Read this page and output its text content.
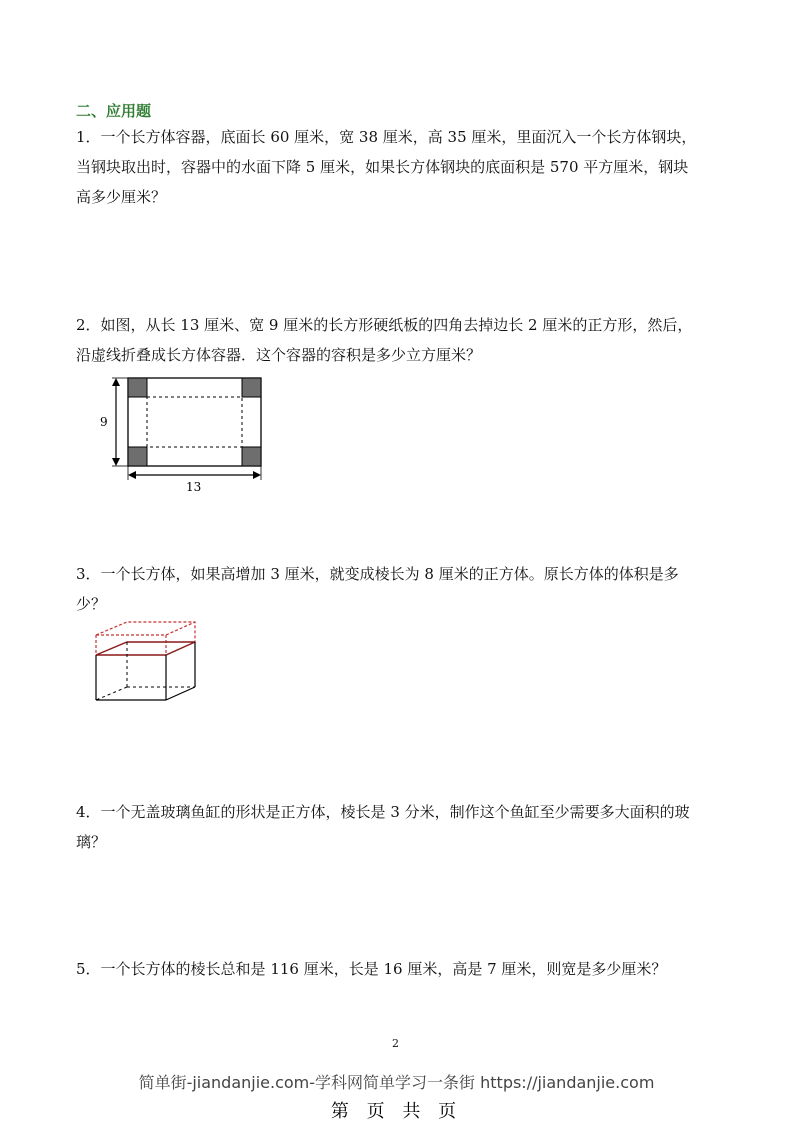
二、应用题

1．一个长方体容器，底面长 60 厘米，宽 38 厘米，高 35 厘米，里面沉入一个长方体钢块，

当钢块取出时，容器中的水面下降 5 厘米，如果长方体钢块的底面积是 570 平方厘米，钢块

高多少厘米？

2．如图，从长 13 厘米、宽 9 厘米的长方形硬纸板的四角去掉边长 2 厘米的正方形，然后，

沿虚线折叠成长方体容器．这个容器的容积是多少立方厘米？

9
13

3．一个长方体，如果高增加 3 厘米，就变成棱长为 8 厘米的正方体。原长方体的体积是多

少？

4．一个无盖玻璃鱼缸的形状是正方体，棱长是 3 分米，制作这个鱼缸至少需要多大面积的玻

璃？

5．一个长方体的棱长总和是 116 厘米，长是 16 厘米，高是 7 厘米，则宽是多少厘米？

2
简单街-jiandanjie.com-学科网简单学习一条街 https://jiandanjie.com
第 页 共 页
